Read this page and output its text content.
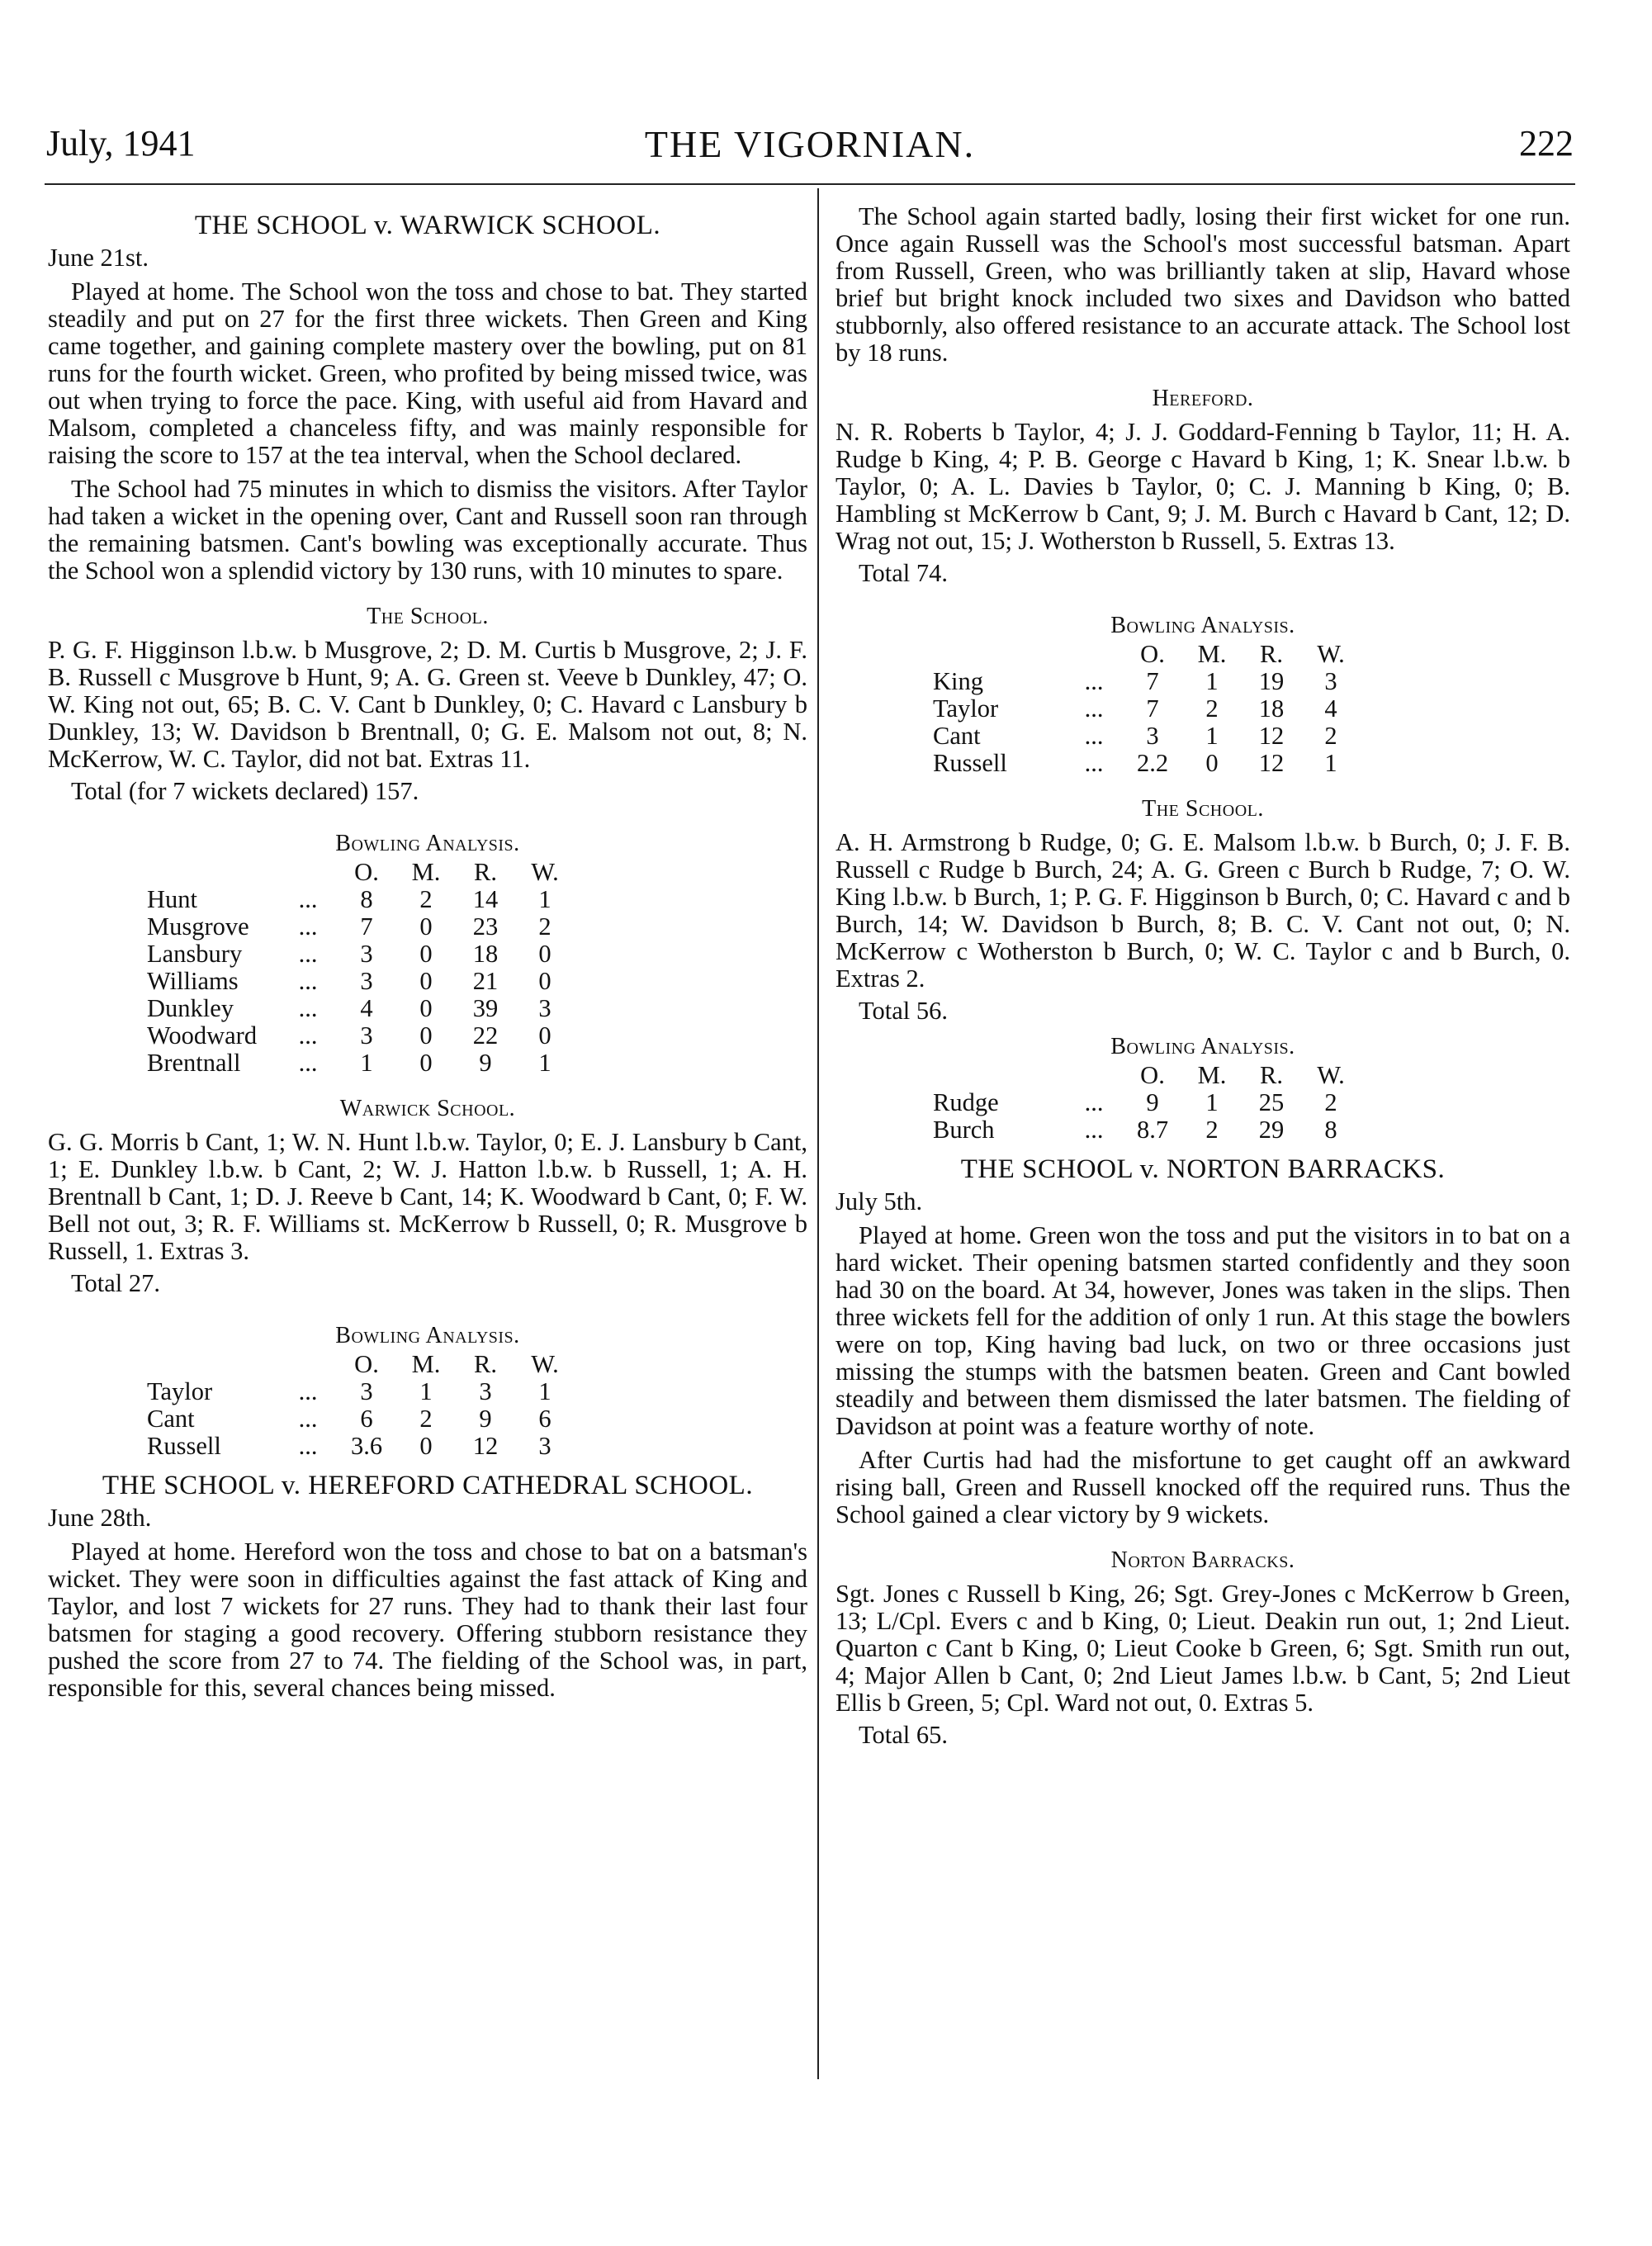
July, 1941	THE VIGORNIAN.	222
THE SCHOOL v. WARWICK SCHOOL.
June 21st.

Played at home. The School won the toss and chose to bat. They started steadily and put on 27 for the first three wickets. Then Green and King came together, and gaining complete mastery over the bowling, put on 81 runs for the fourth wicket. Green, who profited by being missed twice, was out when trying to force the pace. King, with useful aid from Havard and Malsom, completed a chanceless fifty, and was mainly responsible for raising the score to 157 at the tea interval, when the School declared.

The School had 75 minutes in which to dismiss the visitors. After Taylor had taken a wicket in the opening over, Cant and Russell soon ran through the remaining batsmen. Cant's bowling was exceptionally accurate. Thus the School won a splendid victory by 130 runs, with 10 minutes to spare.

The School.
P. G. F. Higginson l.b.w. b Musgrove, 2; D. M. Curtis b Musgrove, 2; J. F. B. Russell c Musgrove b Hunt, 9; A. G. Green st. Veeve b Dunkley, 47; O. W. King not out, 65; B. C. V. Cant b Dunkley, 0; C. Havard c Lansbury b Dunkley, 13; W. Davidson b Brentnall, 0; G. E. Malsom not out, 8; N. McKerrow, W. C. Taylor, did not bat. Extras 11.
Total (for 7 wickets declared) 157.
Bowling Analysis.
		O.	M.	R.	W.
Hunt	...	8	2	14	1
Musgrove	...	7	0	23	2
Lansbury	...	3	0	18	0
Williams	...	3	0	21	0
Dunkley	...	4	0	39	3
Woodward	...	3	0	22	0
Brentnall	...	1	0	9	1
Warwick School.
G. G. Morris b Cant, 1; W. N. Hunt l.b.w. Taylor, 0; E. J. Lansbury b Cant, 1; E. Dunkley l.b.w. b Cant, 2; W. J. Hatton l.b.w. b Russell, 1; A. H. Brentnall b Cant, 1; D. J. Reeve b Cant, 14; K. Woodward b Cant, 0; F. W. Bell not out, 3; R. F. Williams st. McKerrow b Russell, 0; R. Musgrove b Russell, 1. Extras 3.
Total 27.
Bowling Analysis.
		O.	M.	R.	W.
Taylor	...	3	1	3	1
Cant	...	6	2	9	6
Russell	...	3.6	0	12	3
THE SCHOOL v. HEREFORD CATHEDRAL SCHOOL.
June 28th.

Played at home. Hereford won the toss and chose to bat on a batsman's wicket. They were soon in difficulties against the fast attack of King and Taylor, and lost 7 wickets for 27 runs. They had to thank their last four batsmen for staging a good recovery. Offering stubborn resistance they pushed the score from 27 to 74. The fielding of the School was, in part, responsible for this, several chances being missed.

The School again started badly, losing their first wicket for one run. Once again Russell was the School's most successful batsman. Apart from Russell, Green, who was brilliantly taken at slip, Havard whose brief but bright knock included two sixes and Davidson who batted stubbornly, also offered resistance to an accurate attack. The School lost by 18 runs.

Hereford.
N. R. Roberts b Taylor, 4; J. J. Goddard-Fenning b Taylor, 11; H. A. Rudge b King, 4; P. B. George c Havard b King, 1; K. Snear l.b.w. b Taylor, 0; A. L. Davies b Taylor, 0; C. J. Manning b King, 0; B. Hambling st McKerrow b Cant, 9; J. M. Burch c Havard b Cant, 12; D. Wrag not out, 15; J. Wotherston b Russell, 5. Extras 13.
Total 74.
Bowling Analysis.
		O.	M.	R.	W.
King	...	7	1	19	3
Taylor	...	7	2	18	4
Cant	...	3	1	12	2
Russell	...	2.2	0	12	1
The School.
A. H. Armstrong b Rudge, 0; G. E. Malsom l.b.w. b Burch, 0; J. F. B. Russell c Rudge b Burch, 24; A. G. Green c Burch b Rudge, 7; O. W. King l.b.w. b Burch, 1; P. G. F. Higginson b Burch, 0; C. Havard c and b Burch, 14; W. Davidson b Burch, 8; B. C. V. Cant not out, 0; N. McKerrow c Wotherston b Burch, 0; W. C. Taylor c and b Burch, 0. Extras 2.
Total 56.
Bowling Analysis.
		O.	M.	R.	W.
Rudge	...	9	1	25	2
Burch	...	8.7	2	29	8
THE SCHOOL v. NORTON BARRACKS.
July 5th.

Played at home. Green won the toss and put the visitors in to bat on a hard wicket. Their opening batsmen started confidently and they soon had 30 on the board. At 34, however, Jones was taken in the slips. Then three wickets fell for the addition of only 1 run. At this stage the bowlers were on top, King having bad luck, on two or three occasions just missing the stumps with the batsmen beaten. Green and Cant bowled steadily and between them dismissed the later batsmen. The fielding of Davidson at point was a feature worthy of note.

After Curtis had had the misfortune to get caught off an awkward rising ball, Green and Russell knocked off the required runs. Thus the School gained a clear victory by 9 wickets.

Norton Barracks.
Sgt. Jones c Russell b King, 26; Sgt. Grey-Jones c McKerrow b Green, 13; L/Cpl. Evers c and b King, 0; Lieut. Deakin run out, 1; 2nd Lieut. Quarton c Cant b King, 0; Lieut Cooke b Green, 6; Sgt. Smith run out, 4; Major Allen b Cant, 0; 2nd Lieut James l.b.w. b Cant, 5; 2nd Lieut Ellis b Green, 5; Cpl. Ward not out, 0. Extras 5.
Total 65.
